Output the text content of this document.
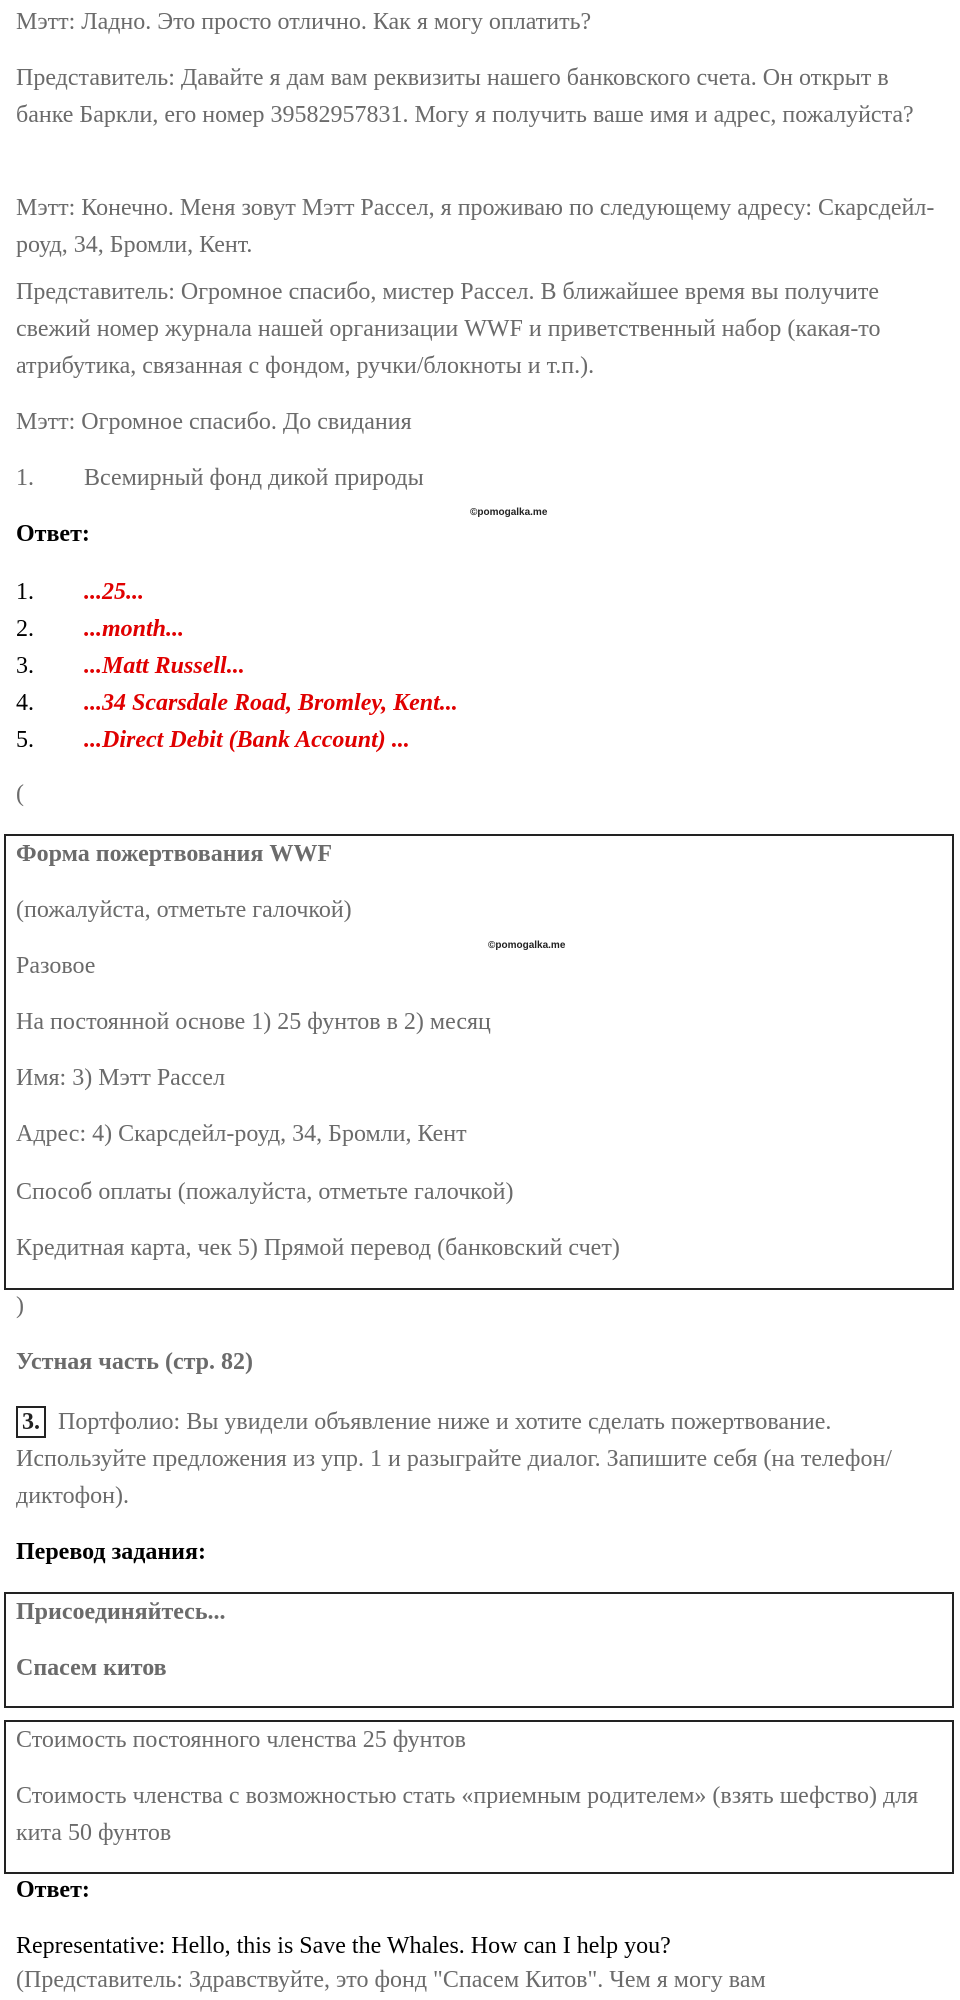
Мэтт: Ладно. Это просто отлично. Как я могу оплатить?

Представитель: Давайте я дам вам реквизиты нашего банковского счета. Он открыт в банке Баркли, его номер 39582957831. Могу я получить ваше имя и адрес, пожалуйста?

Мэтт: Конечно. Меня зовут Мэтт Рассел, я проживаю по следующему адресу: Скарсдейл-роуд, 34, Бромли, Кент.

Представитель: Огромное спасибо, мистер Рассел. В ближайшее время вы получите свежий номер журнала нашей организации WWF и приветственный набор (какая-то атрибутика, связанная с фондом, ручки/блокноты и т.п.).

Мэтт: Огромное спасибо. До свидания

1. Всемирный фонд дикой природы

©pomogalka.me

Ответ:

1. ...25...
2. ...month...
3. ...Matt Russell...
4. ...34 Scarsdale Road, Bromley, Kent...
5. ...Direct Debit (Bank Account) ...

(

Форма пожертвования WWF

(пожалуйста, отметьте галочкой)

©pomogalka.me

Разовое

На постоянной основе 1) 25 фунтов в 2) месяц

Имя: 3) Мэтт Рассел

Адрес: 4) Скарсдейл-роуд, 34, Бромли, Кент

Способ оплаты (пожалуйста, отметьте галочкой)

Кредитная карта, чек 5) Прямой перевод (банковский счет)

)

Устная часть (стр. 82)

3. Портфолио: Вы увидели объявление ниже и хотите сделать пожертвование. Используйте предложения из упр. 1 и разыграйте диалог. Запишите себя (на телефон/диктофон).

Перевод задания:

Присоединяйтесь...

Спасем китов

Стоимость постоянного членства 25 фунтов

Стоимость членства с возможностью стать «приемным родителем» (взять шефство) для кита 50 фунтов

Ответ:

Representative: Hello, this is Save the Whales. How can I help you?

(Представитель: Здравствуйте, это фонд "Спасем Китов". Чем я могу вам
